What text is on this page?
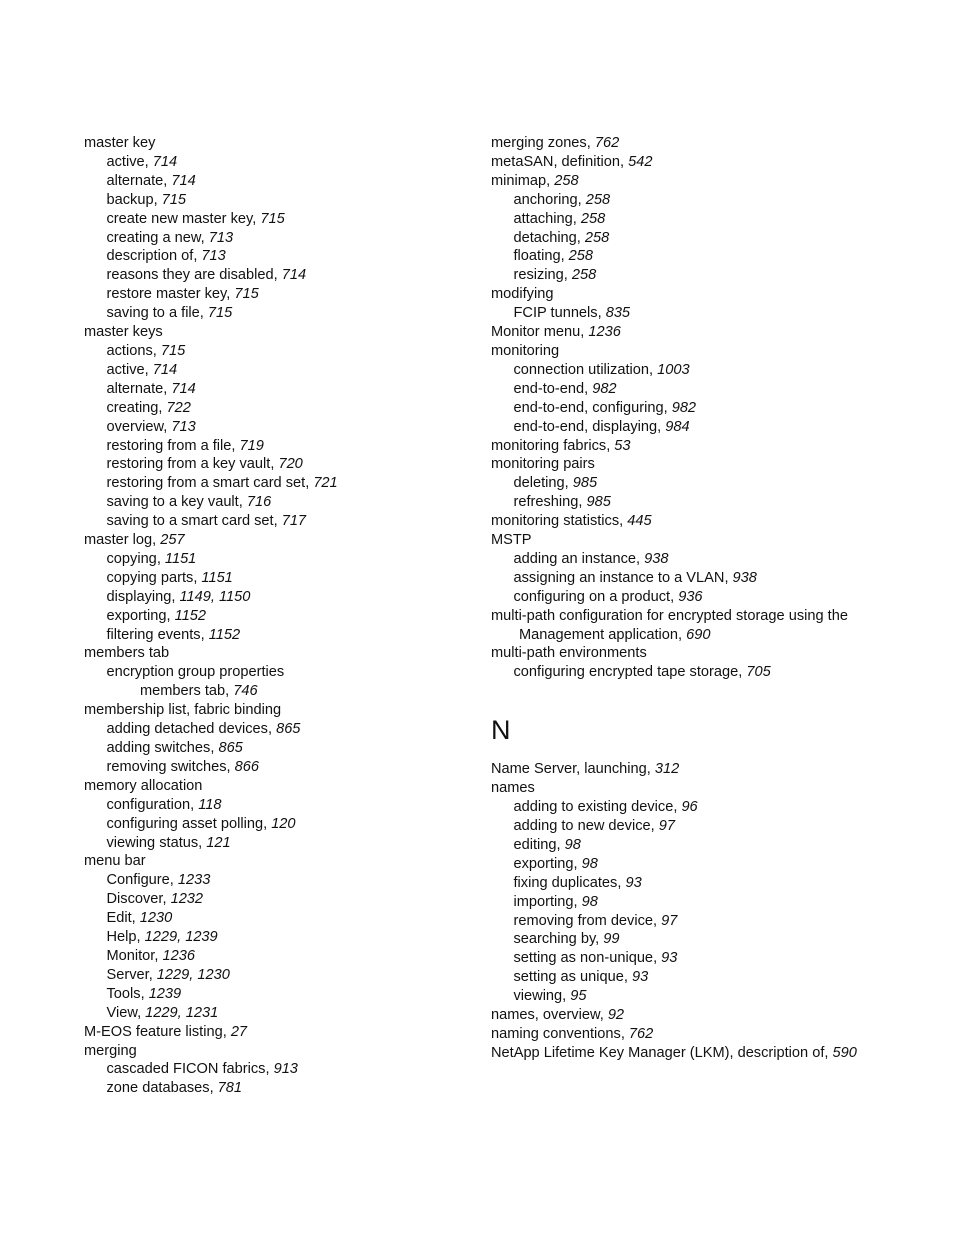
master key
active, 714
alternate, 714
backup, 715
create new master key, 715
creating a new, 713
description of, 713
reasons they are disabled, 714
restore master key, 715
saving to a file, 715
master keys
actions, 715
active, 714
alternate, 714
creating, 722
overview, 713
restoring from a file, 719
restoring from a key vault, 720
restoring from a smart card set, 721
saving to a key vault, 716
saving to a smart card set, 717
master log, 257
copying, 1151
copying parts, 1151
displaying, 1149, 1150
exporting, 1152
filtering events, 1152
members tab
encryption group properties
members tab, 746
membership list, fabric binding
adding detached devices, 865
adding switches, 865
removing switches, 866
memory allocation
configuration, 118
configuring asset polling, 120
viewing status, 121
menu bar
Configure, 1233
Discover, 1232
Edit, 1230
Help, 1229, 1239
Monitor, 1236
Server, 1229, 1230
Tools, 1239
View, 1229, 1231
M-EOS feature listing, 27
merging
cascaded FICON fabrics, 913
zone databases, 781
merging zones, 762
metaSAN, definition, 542
minimap, 258
anchoring, 258
attaching, 258
detaching, 258
floating, 258
resizing, 258
modifying
FCIP tunnels, 835
Monitor menu, 1236
monitoring
connection utilization, 1003
end-to-end, 982
end-to-end, configuring, 982
end-to-end, displaying, 984
monitoring fabrics, 53
monitoring pairs
deleting, 985
refreshing, 985
monitoring statistics, 445
MSTP
adding an instance, 938
assigning an instance to a VLAN, 938
configuring on a product, 936
multi-path configuration for encrypted storage using the Management application, 690
multi-path environments
configuring encrypted tape storage, 705
N
Name Server, launching, 312
names
adding to existing device, 96
adding to new device, 97
editing, 98
exporting, 98
fixing duplicates, 93
importing, 98
removing from device, 97
searching by, 99
setting as non-unique, 93
setting as unique, 93
viewing, 95
names, overview, 92
naming conventions, 762
NetApp Lifetime Key Manager (LKM), description of, 590
